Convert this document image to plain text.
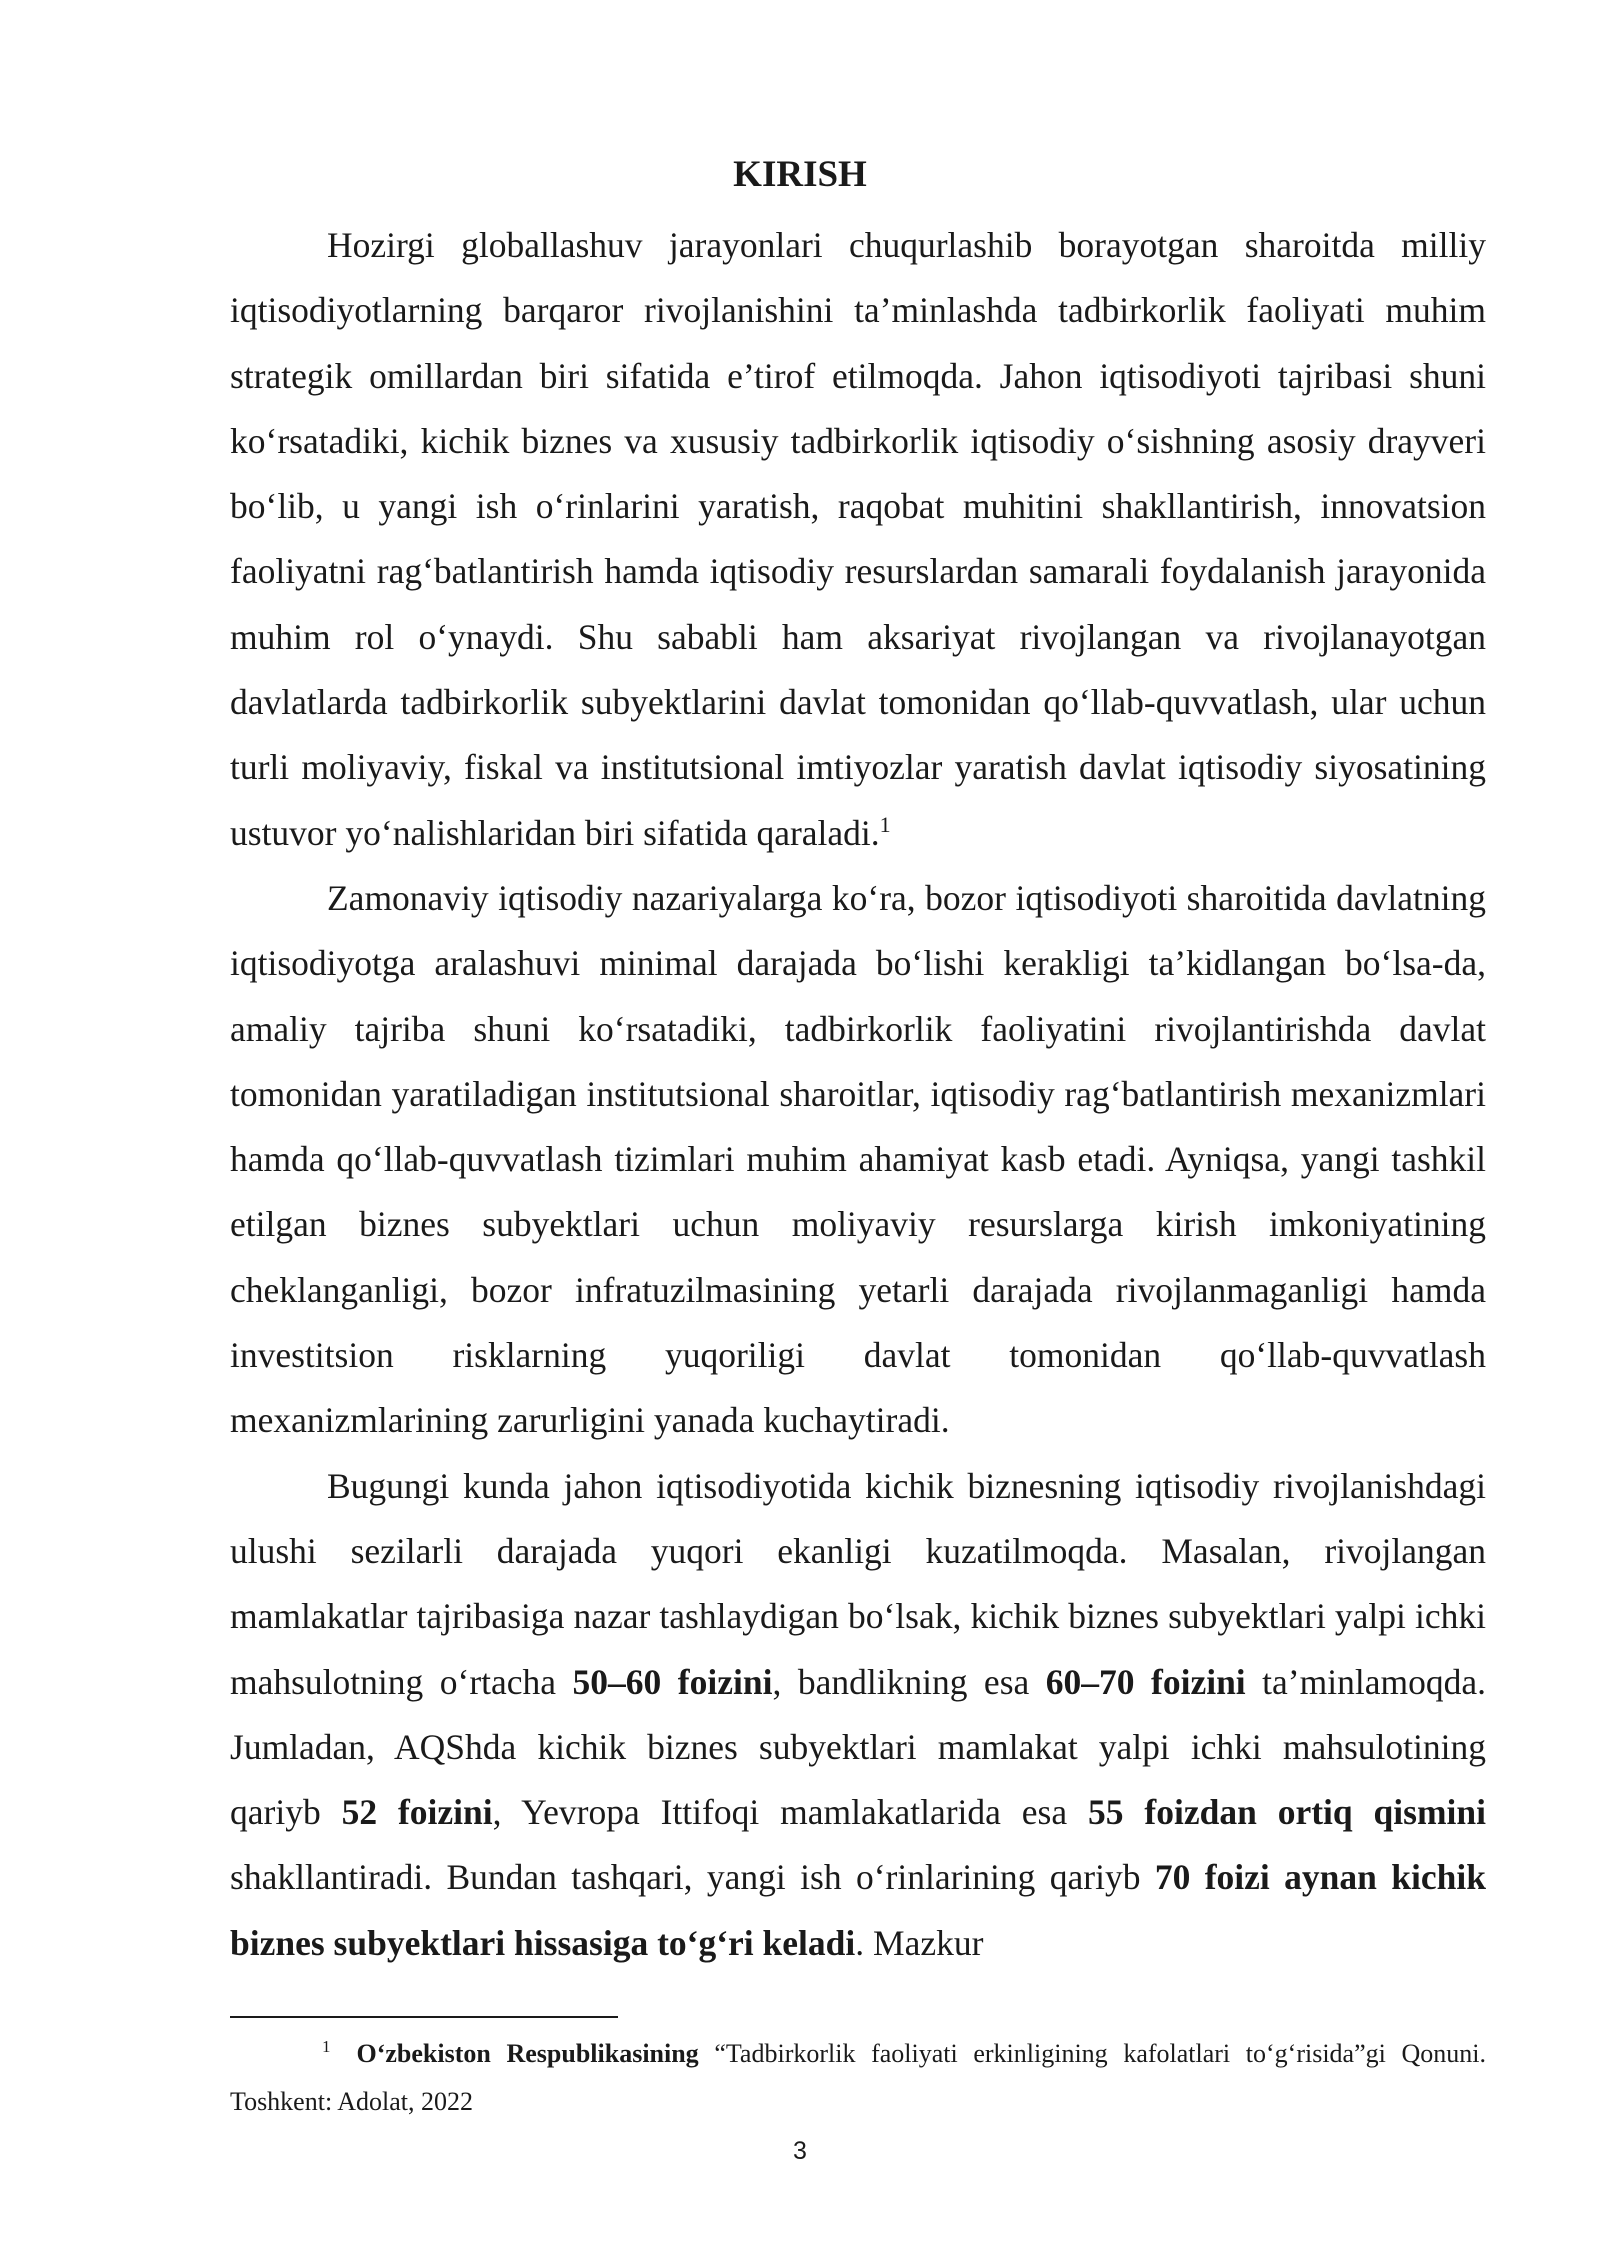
KIRISH

Hozirgi globallashuv jarayonlari chuqurlashib borayotgan sharoitda milliy iqtisodiyotlarning barqaror rivojlanishini ta’minlashda tadbirkorlik faoliyati muhim strategik omillardan biri sifatida e’tirof etilmoqda. Jahon iqtisodiyoti tajribasi shuni ko‘rsatadiki, kichik biznes va xususiy tadbirkorlik iqtisodiy o‘sishning asosiy drayveri bo‘lib, u yangi ish o‘rinlarini yaratish, raqobat muhitini shakllantirish, innovatsion faoliyatni rag‘batlantirish hamda iqtisodiy resurslardan samarali foydalanish jarayonida muhim rol o‘ynaydi. Shu sababli ham aksariyat rivojlangan va rivojlanayotgan davlatlarda tadbirkorlik subyektlarini davlat tomonidan qo‘llab-quvvatlash, ular uchun turli moliyaviy, fiskal va institutsional imtiyozlar yaratish davlat iqtisodiy siyosatining ustuvor yo‘nalishlaridan biri sifatida qaraladi.$^1$

Zamonaviy iqtisodiy nazariyalarga ko‘ra, bozor iqtisodiyoti sharoitida davlatning iqtisodiyotga aralashuvi minimal darajada bo‘lishi kerakligi ta’kidlangan bo‘lsa-da, amaliy tajriba shuni ko‘rsatadiki, tadbirkorlik faoliyatini rivojlantirishda davlat tomonidan yaratiladigan institutsional sharoitlar, iqtisodiy rag‘batlantirish mexanizmlari hamda qo‘llab-quvvatlash tizimlari muhim ahamiyat kasb etadi. Ayniqsa, yangi tashkil etilgan biznes subyektlari uchun moliyaviy resurslarga kirish imkoniyatining cheklanganligi, bozor infratuzilmasining yetarli darajada rivojlanmaganligi hamda investitsion risklarning yuqoriligi davlat tomonidan qo‘llab-quvvatlash mexanizmlarining zarurligini yanada kuchaytiradi.

Bugungi kunda jahon iqtisodiyotida kichik biznesning iqtisodiy rivojlanishdagi ulushi sezilarli darajada yuqori ekanligi kuzatilmoqda. Masalan, rivojlangan mamlakatlar tajribasiga nazar tashlaydigan bo‘lsak, kichik biznes subyektlari yalpi ichki mahsulotning o‘rtacha 50–60 foizini, bandlikning esa 60–70 foizini ta’minlamoqda. Jumladan, AQShda kichik biznes subyektlari mamlakat yalpi ichki mahsulotining qariyb 52 foizini, Yevropa Ittifoqi mamlakatlarida esa 55 foizdan ortiq qismini shakllantiradi. Bundan tashqari, yangi ish o‘rinlarining qariyb 70 foizi aynan kichik biznes subyektlari hissasiga to‘g‘ri keladi. Mazkur

$^1$ O‘zbekiston Respublikasining “Tadbirkorlik faoliyati erkinligining kafolatlari to‘g‘risida”gi Qonuni. Toshkent: Adolat, 2022

3
